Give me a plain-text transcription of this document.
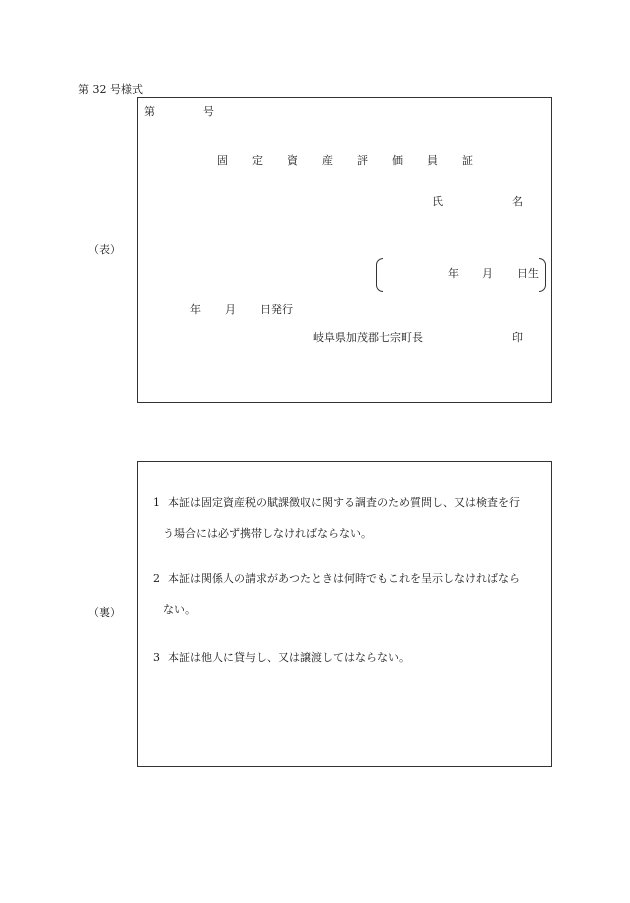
第 32 号様式
（表）
第	号
固 定 資 産 評 価 員 証
氏	名
年 月 日生
年 月 日発行
岐阜県加茂郡七宗町長	印
（裏）
1 本証は固定資産税の賦課徴収に関する調査のため質問し、又は検査を行
う場合には必ず携帯しなければならない。
2 本証は関係人の請求があつたときは何時でもこれを呈示しなければなら
ない。
3 本証は他人に貸与し、又は譲渡してはならない。
